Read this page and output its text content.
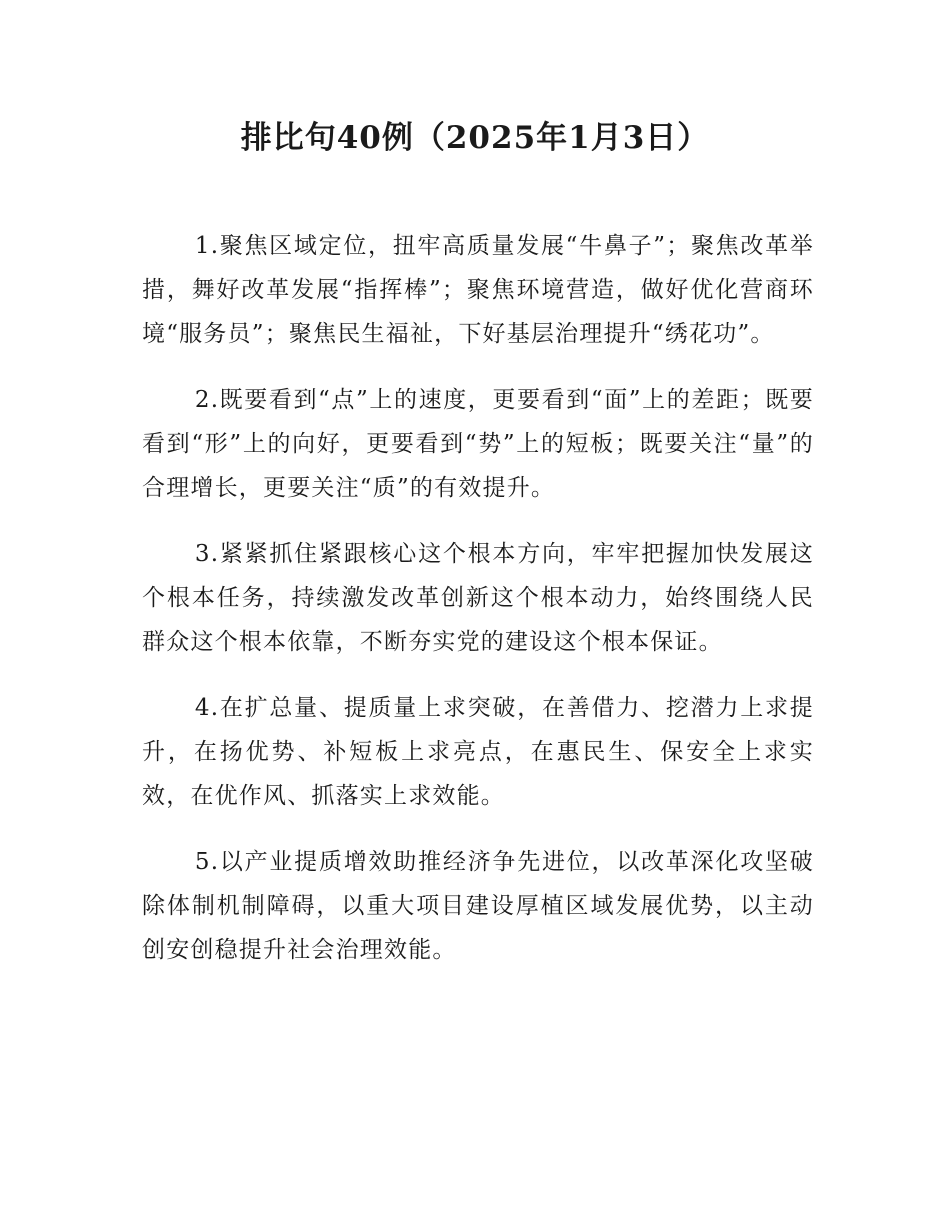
排比句40例（2025年1月3日）

1.聚焦区域定位，扭牢高质量发展“牛鼻子”；聚焦改革举措，舞好改革发展“指挥棒”；聚焦环境营造，做好优化营商环境“服务员”；聚焦民生福祉，下好基层治理提升“绣花功”。

2.既要看到“点”上的速度，更要看到“面”上的差距；既要看到“形”上的向好，更要看到“势”上的短板；既要关注“量”的合理增长，更要关注“质”的有效提升。

3.紧紧抓住紧跟核心这个根本方向，牢牢把握加快发展这个根本任务，持续激发改革创新这个根本动力，始终围绕人民群众这个根本依靠，不断夯实党的建设这个根本保证。

4.在扩总量、提质量上求突破，在善借力、挖潜力上求提升，在扬优势、补短板上求亮点，在惠民生、保安全上求实效，在优作风、抓落实上求效能。

5.以产业提质增效助推经济争先进位，以改革深化攻坚破除体制机制障碍，以重大项目建设厚植区域发展优势，以主动创安创稳提升社会治理效能。
